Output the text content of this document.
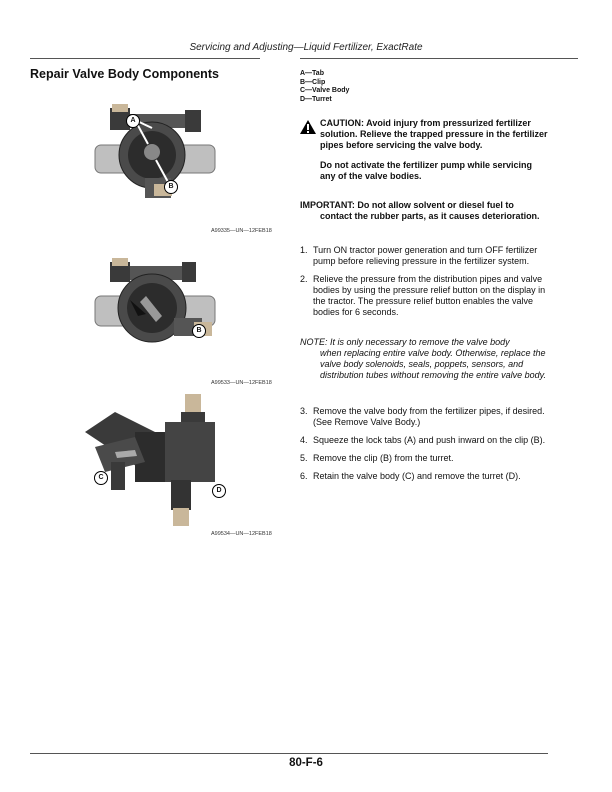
Servicing and Adjusting—Liquid Fertilizer, ExactRate
Repair Valve Body Components
A
B
A99335—UN—12FEB18
B
A99533—UN—12FEB18
C
D
A99534—UN—12FEB18
A—Tab
B—Clip
C—Valve Body
D—Turret

CAUTION: Avoid injury from pressurized fertilizer solution. Relieve the trapped pressure in the fertilizer pipes before servicing the valve body.

Do not activate the fertilizer pump while servicing any of the valve bodies.

IMPORTANT: Do not allow solvent or diesel fuel to
contact the rubber parts, as it causes deterioration.
1. Turn ON tractor power generation and turn OFF fertilizer pump before relieving pressure in the fertilizer system.
2. Relieve the pressure from the distribution pipes and valve bodies by using the pressure relief button on the display in the tractor. The pressure relief button enables the valve bodies for 6 seconds.
NOTE: It is only necessary to remove the valve body
when replacing entire valve body. Otherwise, replace the valve body solenoids, seals, poppets, sensors, and distribution tubes without removing the entire valve body.
3. Remove the valve body from the fertilizer pipes, if desired. (See Remove Valve Body.)
4. Squeeze the lock tabs (A) and push inward on the clip (B).
5. Remove the clip (B) from the turret.
6. Retain the valve body (C) and remove the turret (D).
80-F-6
